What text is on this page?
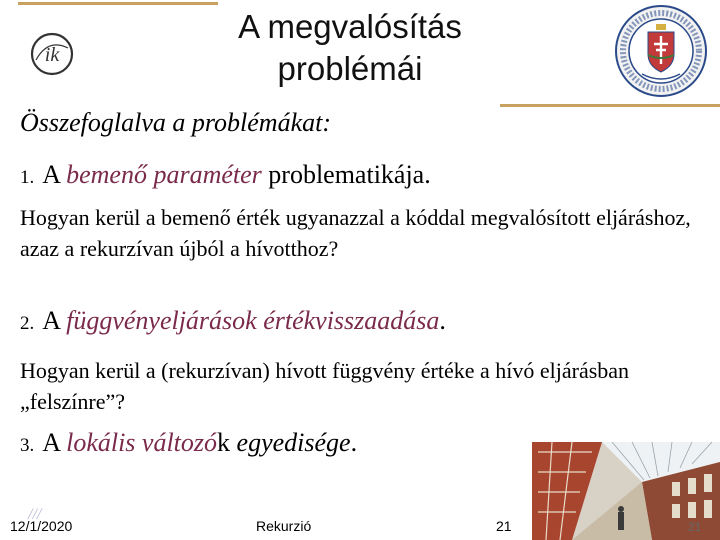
ik
A megvalósítás
problémái

Összefoglalva a problémákat:

1. A bemenő paraméter problematikája.

Hogyan kerül a bemenő érték ugyanazzal a kóddal megvalósított eljáráshoz, azaz a rekurzívan újból a hívotthoz?

2. A függvényeljárások értékvisszaadása.

Hogyan kerül a (rekurzívan) hívott függvény értéke a hívó eljárásban „felszínre”?

3. A lokális változók egyedisége.

///
12/1/2020	Rekurzió	21	21
